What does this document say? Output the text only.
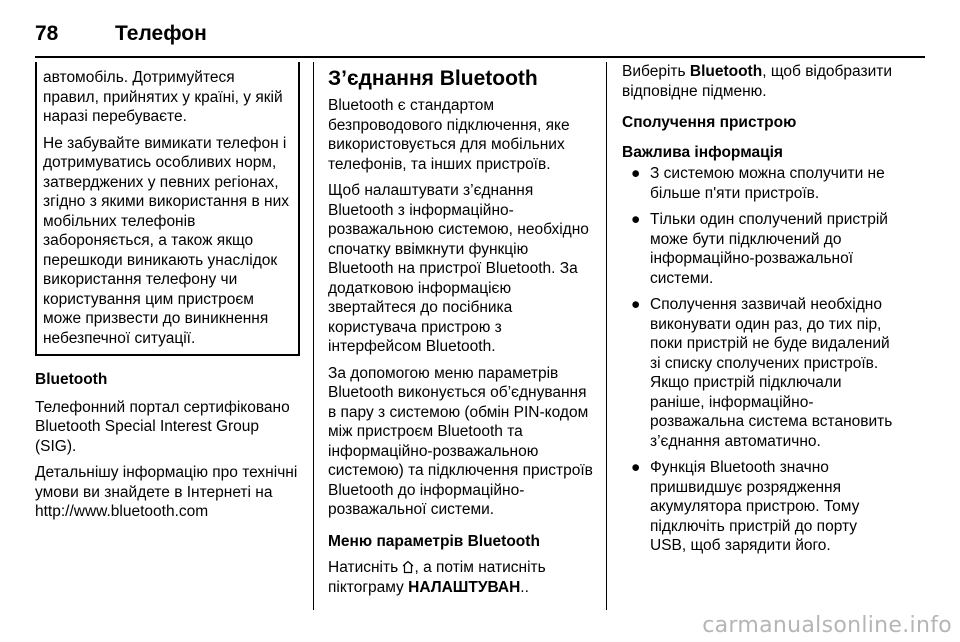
78	Телефон

автомобіль. Дотримуйтеся правил, прийнятих у країні, у якій наразі перебуваєте.

Не забувайте вимикати телефон і дотримуватись особливих норм, затверджених у певних регіонах, згідно з якими використання в них мобільних телефонів забороняється, а також якщо перешкоди виникають унаслідок використання телефону чи користування цим пристроєм може призвести до виникнення небезпечної ситуації.

Bluetooth

Телефонний портал сертифіковано Bluetooth Special Interest Group (SIG).

Детальнішу інформацію про технічні умови ви знайдете в Інтернеті на
http://www.bluetooth.com

З’єднання Bluetooth

Bluetooth є стандартом безпроводового підключення, яке використовується для мобільних телефонів, та інших пристроїв.

Щоб налаштувати з’єднання Bluetooth з інформаційно-розважальною системою, необхідно спочатку ввімкнути функцію Bluetooth на пристрої Bluetooth. За додатковою інформацією звертайтеся до посібника користувача пристрою з інтерфейсом Bluetooth.

За допомогою меню параметрів Bluetooth виконується об’єднування в пару з системою (обмін PIN-кодом між пристроєм Bluetooth та інформаційно-розважальною системою) та підключення пристроїв Bluetooth до інформаційно-розважальної системи.

Меню параметрів Bluetooth

Натисніть , а потім натисніть піктограму НАЛАШТУВАН..

Виберіть Bluetooth, щоб відобразити відповідне підменю.

Сполучення пристрою
Важлива інформація
● З системою можна сполучити не більше п'яти пристроїв.
● Тільки один сполучений пристрій може бути підключений до інформаційно-розважальної системи.
● Сполучення зазвичай необхідно виконувати один раз, до тих пір, поки пристрій не буде видалений зі списку сполучених пристроїв. Якщо пристрій підключали раніше, інформаційно-розважальна система встановить з’єднання автоматично.
● Функція Bluetooth значно пришвидшує розрядження акумулятора пристрою. Тому підключіть пристрій до порту USB, щоб зарядити його.
carmanualsonline.info
